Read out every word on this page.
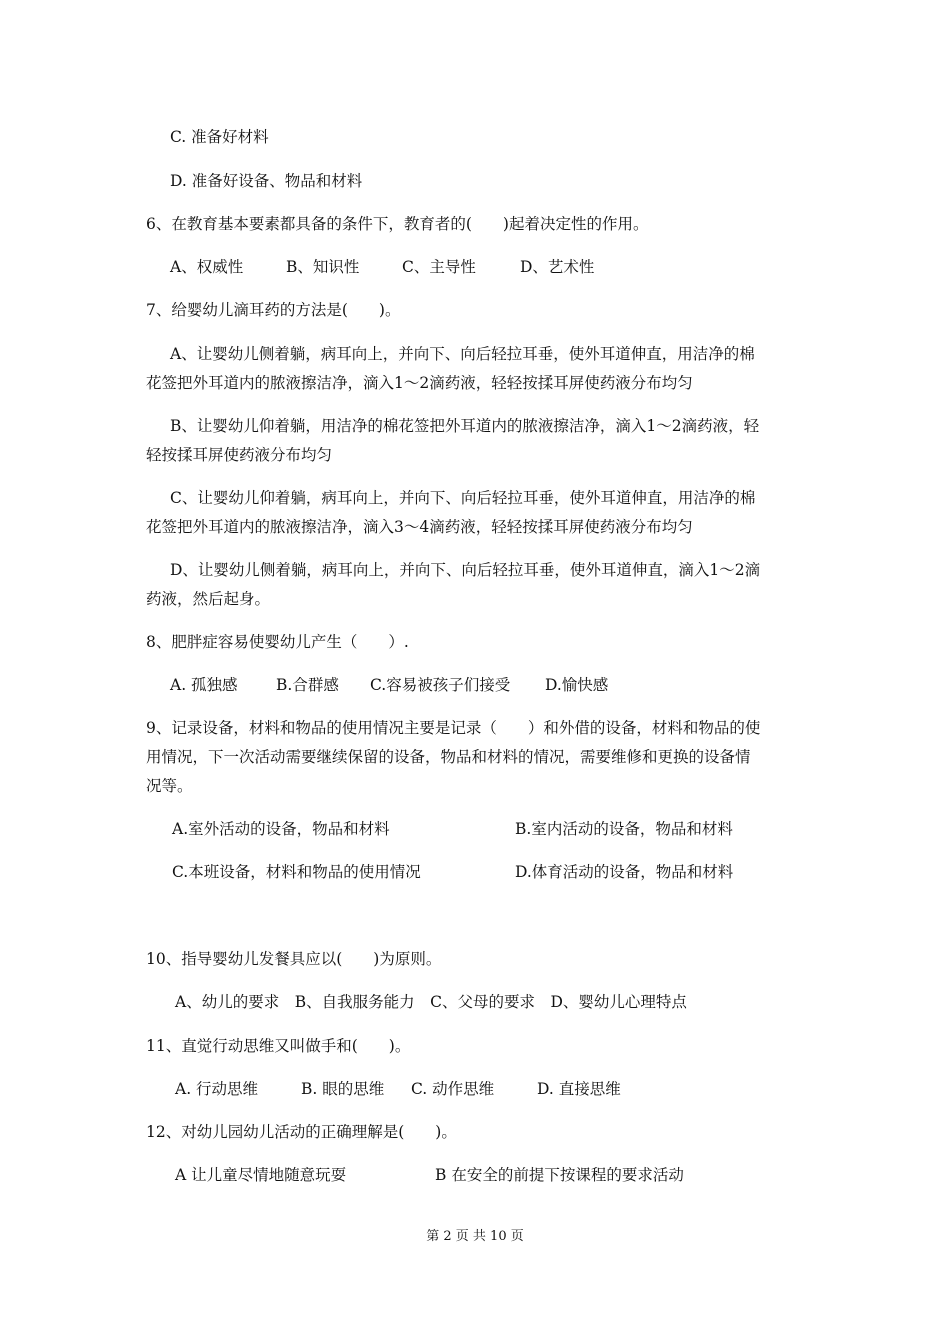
C. 准备好材料
D. 准备好设备、物品和材料
6、在教育基本要素都具备的条件下，教育者的(　　)起着决定性的作用。
A、权威性	B、知识性	C、主导性	D、艺术性
7、给婴幼儿滴耳药的方法是(　　)。
A、让婴幼儿侧着躺，病耳向上，并向下、向后轻拉耳垂，使外耳道伸直，用洁净的棉
花签把外耳道内的脓液擦洁净，滴入1～2滴药液，轻轻按揉耳屏使药液分布均匀
B、让婴幼儿仰着躺，用洁净的棉花签把外耳道内的脓液擦洁净，滴入1～2滴药液，轻
轻按揉耳屏使药液分布均匀
C、让婴幼儿仰着躺，病耳向上，并向下、向后轻拉耳垂，使外耳道伸直，用洁净的棉
花签把外耳道内的脓液擦洁净，滴入3～4滴药液，轻轻按揉耳屏使药液分布均匀
D、让婴幼儿侧着躺，病耳向上，并向下、向后轻拉耳垂，使外耳道伸直，滴入1～2滴
药液，然后起身。
8、肥胖症容易使婴幼儿产生（　　）.
A. 孤独感 B.合群感 C.容易被孩子们接受 D.愉快感
9、记录设备，材料和物品的使用情况主要是记录（　　）和外借的设备，材料和物品的使
用情况，下一次活动需要继续保留的设备，物品和材料的情况，需要维修和更换的设备情
况等。
A.室外活动的设备，物品和材料	B.室内活动的设备，物品和材料
C.本班设备，材料和物品的使用情况	D.体育活动的设备，物品和材料
10、指导婴幼儿发餐具应以(　　)为原则。
A、幼儿的要求　B、自我服务能力　C、父母的要求　D、婴幼儿心理特点
11、直觉行动思维又叫做手和(　　)。
A. 行动思维	B. 眼的思维 C. 动作思维	D. 直接思维
12、对幼儿园幼儿活动的正确理解是(　　)。
A 让儿童尽情地随意玩耍	B 在安全的前提下按课程的要求活动
第 2 页 共 10 页
